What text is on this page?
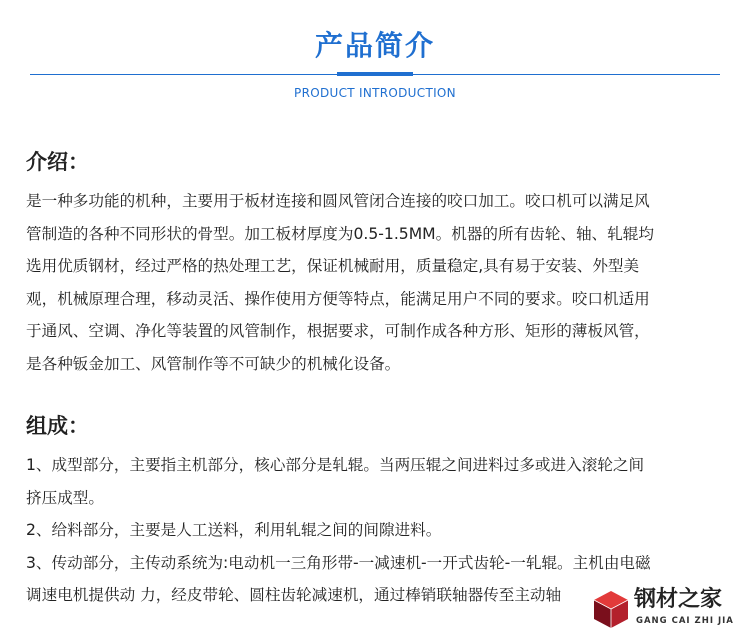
产品简介
PRODUCT INTRODUCTION
介绍：

是一种多功能的机种，主要用于板材连接和圆风管闭合连接的咬口加工。咬口机可以满足风
管制造的各种不同形状的骨型。加工板材厚度为0.5-1.5MM。机器的所有齿轮、轴、轧辊均
选用优质钢材，经过严格的热处理工艺，保证机械耐用，质量稳定,具有易于安装、外型美
观，机械原理合理，移动灵活、操作使用方便等特点，能满足用户不同的要求。咬口机适用
于通风、空调、净化等装置的风管制作，根据要求，可制作成各种方形、矩形的薄板风管，
是各种钣金加工、风管制作等不可缺少的机械化设备。

组成：

1、成型部分，主要指主机部分，核心部分是轧辊。当两压辊之间进料过多或进入滚轮之间
挤压成型。
2、给料部分，主要是人工送料，利用轧辊之间的间隙进料。
3、传动部分，主传动系统为:电动机一三角形带-一减速机-一开式齿轮-一轧辊。主机由电磁
调速电机提供动 力，经皮带轮、圆柱齿轮减速机，通过棒销联轴器传至主动轴	钢材之家
GANG CAI ZHI JIA
